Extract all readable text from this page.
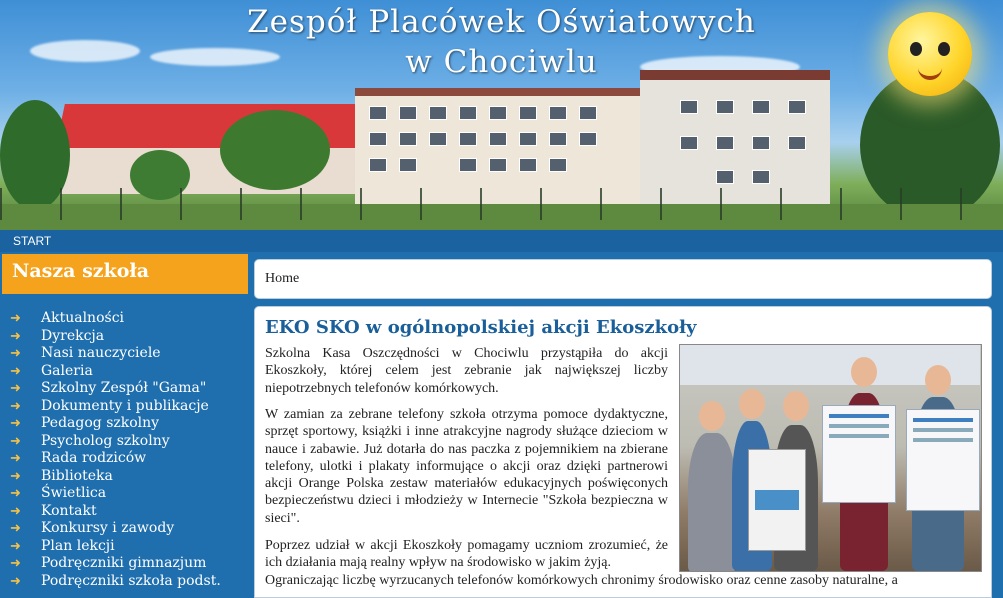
Zespół Placówek Oświatowych
w Chociwlu
START
Nasza szkoła
➜ Aktualności
➜ Dyrekcja
➜ Nasi nauczyciele
➜ Galeria
➜ Szkolny Zespół "Gama"
➜ Dokumenty i publikacje
➜ Pedagog szkolny
➜ Psycholog szkolny
➜ Rada rodziców
➜ Biblioteka
➜ Świetlica
➜ Kontakt
➜ Konkursy i zawody
➜ Plan lekcji
➜ Podręczniki gimnazjum
➜ Podręczniki szkoła podst.
Home
EKO SKO w ogólnopolskiej akcji Ekoszkoły

Szkolna Kasa Oszczędności w Chociwlu przystąpiła do akcji Ekoszkoły, której celem jest zebranie jak największej liczby niepotrzebnych telefonów komórkowych.

W zamian za zebrane telefony szkoła otrzyma pomoce dydaktyczne, sprzęt sportowy, książki i inne atrakcyjne nagrody służące dzieciom w nauce i zabawie. Już dotarła do nas paczka z pojemnikiem na zbierane telefony, ulotki i plakaty informujące o akcji oraz dzięki partnerowi akcji Orange Polska zestaw materiałów edukacyjnych poświęconych bezpieczeństwu dzieci i młodzieży w Internecie "Szkoła bezpieczna w sieci".

Poprzez udział w akcji Ekoszkoły pomagamy uczniom zrozumieć, że ich działania mają realny wpływ na środowisko w jakim żyją.

Ograniczając liczbę wyrzucanych telefonów komórkowych chronimy środowisko oraz cenne zasoby naturalne, a
